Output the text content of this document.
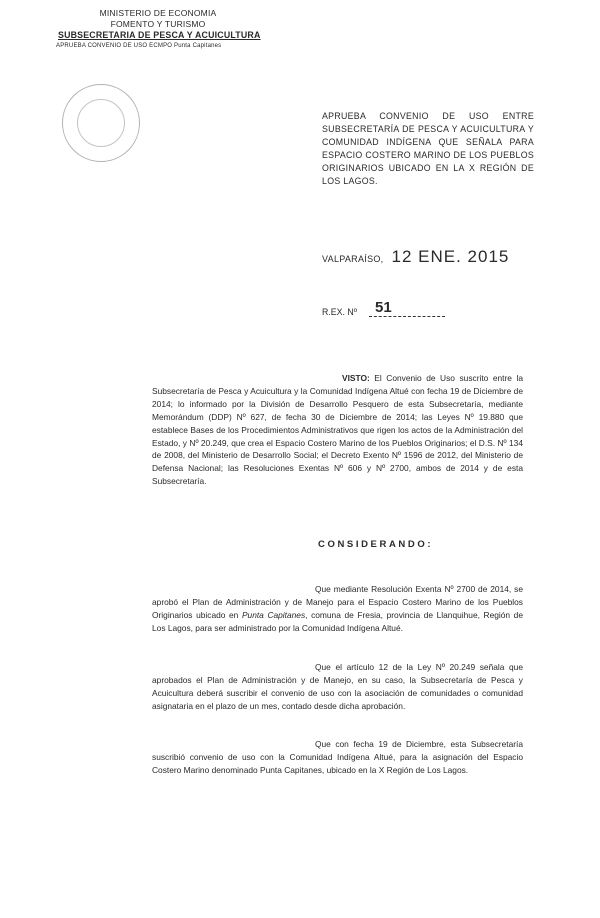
MINISTERIO DE ECONOMIA
FOMENTO Y TURISMO
SUBSECRETARIA DE PESCA Y ACUICULTURA
APRUEBA CONVENIO DE USO ECMPO Punta Capitanes
APRUEBA CONVENIO DE USO ENTRE SUBSECRETARÍA DE PESCA Y ACUICULTURA Y COMUNIDAD INDÍGENA QUE SEÑALA PARA ESPACIO COSTERO MARINO DE LOS PUEBLOS ORIGINARIOS UBICADO EN LA X REGIÓN DE LOS LAGOS.
VALPARAÍSO, 12 ENE. 2015
R.EX. Nº	51
VISTO: El Convenio de Uso suscrito entre la Subsecretaría de Pesca y Acuicultura y la Comunidad Indígena Altué con fecha 19 de Diciembre de 2014; lo informado por la División de Desarrollo Pesquero de esta Subsecretaría, mediante Memorándum (DDP) Nº 627, de fecha 30 de Diciembre de 2014; las Leyes Nº 19.880 que establece Bases de los Procedimientos Administrativos que rigen los actos de la Administración del Estado, y Nº 20.249, que crea el Espacio Costero Marino de los Pueblos Originarios; el D.S. Nº 134 de 2008, del Ministerio de Desarrollo Social; el Decreto Exento Nº 1596 de 2012, del Ministerio de Defensa Nacional; las Resoluciones Exentas Nº 606 y Nº 2700, ambos de 2014 y de esta Subsecretaría.
CONSIDERANDO:
Que mediante Resolución Exenta Nº 2700 de 2014, se aprobó el Plan de Administración y de Manejo para el Espacio Costero Marino de los Pueblos Originarios ubicado en Punta Capitanes, comuna de Fresia, provincia de Llanquihue, Región de Los Lagos, para ser administrado por la Comunidad Indígena Altué.
Que el artículo 12 de la Ley Nº 20.249 señala que aprobados el Plan de Administración y de Manejo, en su caso, la Subsecretaría de Pesca y Acuicultura deberá suscribir el convenio de uso con la asociación de comunidades o comunidad asignataria en el plazo de un mes, contado desde dicha aprobación.
Que con fecha 19 de Diciembre, esta Subsecretaría suscribió convenio de uso con la Comunidad Indígena Altué, para la asignación del Espacio Costero Marino denominado Punta Capitanes, ubicado en la X Región de Los Lagos.
